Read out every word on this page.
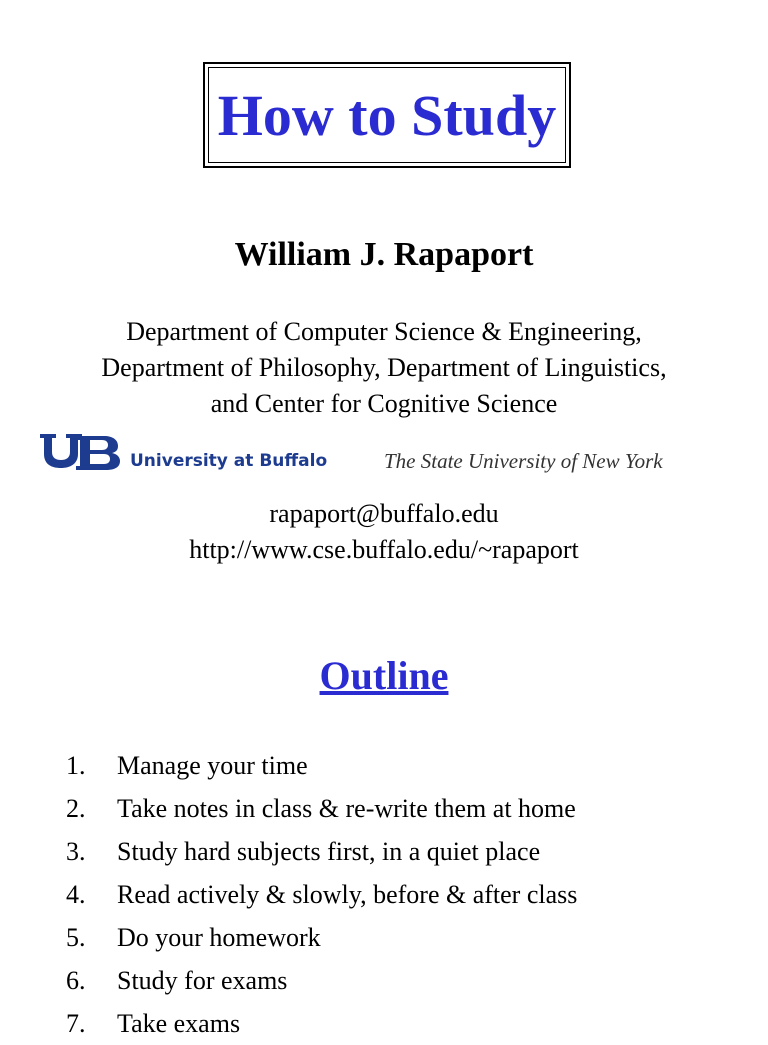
How to Study
William J. Rapaport
Department of Computer Science & Engineering,
Department of Philosophy, Department of Linguistics,
and Center for Cognitive Science
University at Buffalo	The State University of New York
rapaport@buffalo.edu
http://www.cse.buffalo.edu/~rapaport
Outline
1.	Manage your time
2.	Take notes in class & re-write them at home
3.	Study hard subjects first, in a quiet place
4.	Read actively & slowly, before & after class
5.	Do your homework
6.	Study for exams
7.	Take exams
